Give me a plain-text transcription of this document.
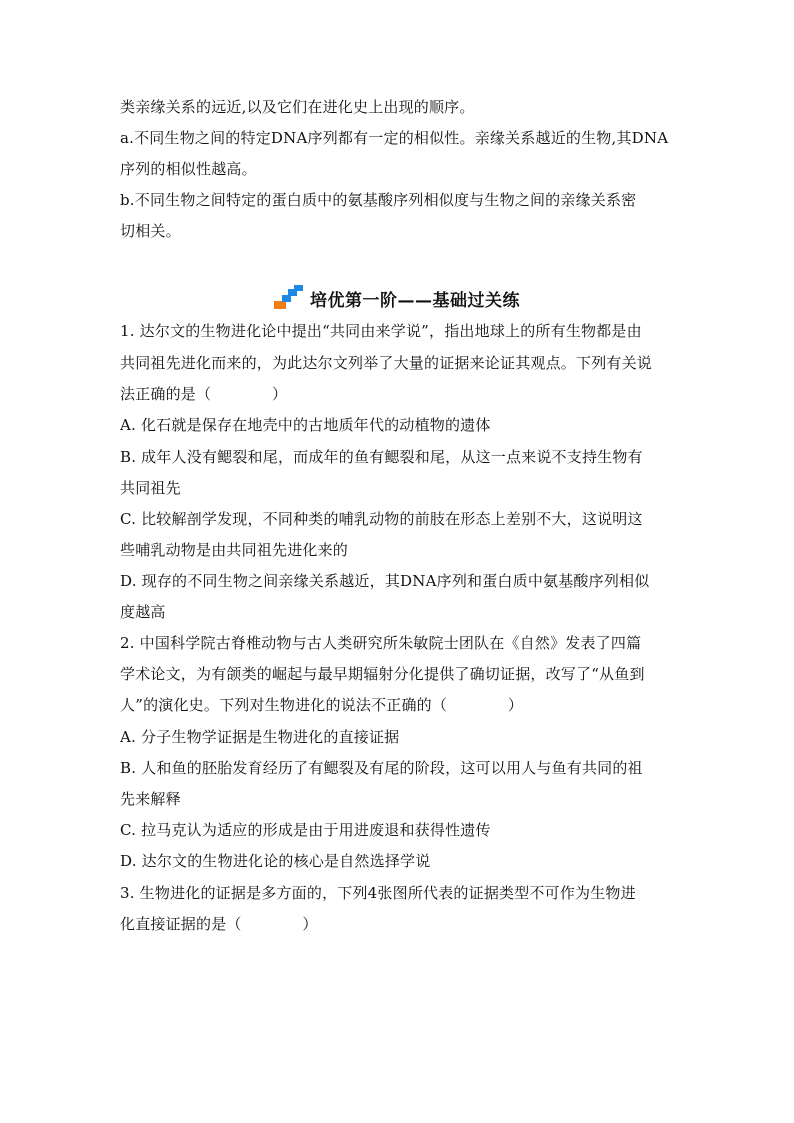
类亲缘关系的远近,以及它们在进化史上出现的顺序。
a.不同生物之间的特定DNA序列都有一定的相似性。亲缘关系越近的生物,其DNA
序列的相似性越高。
b.不同生物之间特定的蛋白质中的氨基酸序列相似度与生物之间的亲缘关系密
切相关。
培优第一阶——基础过关练
1. 达尔文的生物进化论中提出“共同由来学说”，指出地球上的所有生物都是由
共同祖先进化而来的，为此达尔文列举了大量的证据来论证其观点。下列有关说
法正确的是（　　　　）
A. 化石就是保存在地壳中的古地质年代的动植物的遗体
B. 成年人没有鳃裂和尾，而成年的鱼有鳃裂和尾，从这一点来说不支持生物有
共同祖先
C. 比较解剖学发现，不同种类的哺乳动物的前肢在形态上差别不大，这说明这
些哺乳动物是由共同祖先进化来的
D. 现存的不同生物之间亲缘关系越近，其DNA序列和蛋白质中氨基酸序列相似
度越高
2. 中国科学院古脊椎动物与古人类研究所朱敏院士团队在《自然》发表了四篇
学术论文，为有颌类的崛起与最早期辐射分化提供了确切证据，改写了“从鱼到
人”的演化史。下列对生物进化的说法不正确的（　　　　）
A. 分子生物学证据是生物进化的直接证据
B. 人和鱼的胚胎发育经历了有鳃裂及有尾的阶段，这可以用人与鱼有共同的祖
先来解释
C. 拉马克认为适应的形成是由于用进废退和获得性遗传
D. 达尔文的生物进化论的核心是自然选择学说
3. 生物进化的证据是多方面的，下列4张图所代表的证据类型不可作为生物进
化直接证据的是（　　　　）
